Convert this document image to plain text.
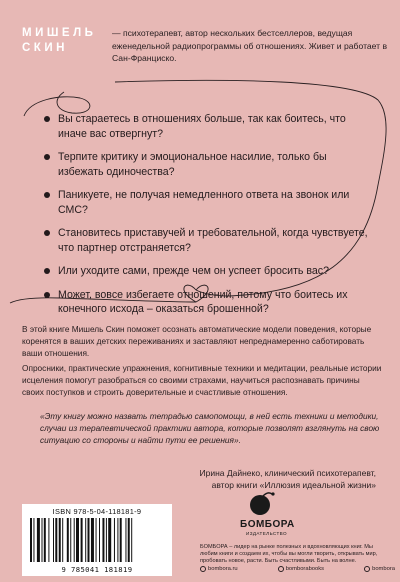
МИШЕЛЬ
СКИН

— психотерапевт, автор нескольких бестселлеров, ведущая еженедельной радиопрограммы об отношениях. Живет и работает в Сан-Франциско.

Вы стараетесь в отношениях больше, так как боитесь, что иначе вас отвергнут?
Терпите критику и эмоциональное насилие, только бы избежать одиночества?
Паникуете, не получая немедленного ответа на звонок или СМС?
Становитесь приставучей и требовательной, когда чувствуете, что партнер отстраняется?
Или уходите сами, прежде чем он успеет бросить вас?
Может, вовсе избегаете отношений, потому что боитесь их конечного исхода – оказаться брошенной?

В этой книге Мишель Скин поможет осознать автоматические модели поведения, которые коренятся в ваших детских переживаниях и заставляют непреднамеренно саботировать ваши отношения.

Опросники, практические упражнения, когнитивные техники и медитации, реальные истории исцеления помогут разобраться со своими страхами, научиться распознавать причины своих поступков и строить доверительные и счастливые отношения.

«Эту книгу можно назвать тетрадью самопомощи, в ней есть техники и методики, случаи из терапевтической практики автора, которые позволят взглянуть на свою ситуацию со стороны и найти пути ее решения».

Ирина Дайнеко, клинический психотерапевт,
автор книги «Иллюзия идеальной жизни»
ISBN 978-5-04-118181-9
9 785041 181819
БОМБОРА
ИЗДАТЕЛЬСТВО
БОМБОРА – лидер на рынке полезных и вдохновляющих книг. Мы любим книги и создаем их, чтобы вы могли творить, открывать мир, пробовать новое, расти. Быть счастливыми. Быть на волне.
bombora.ru	bomborabooks	bombora
